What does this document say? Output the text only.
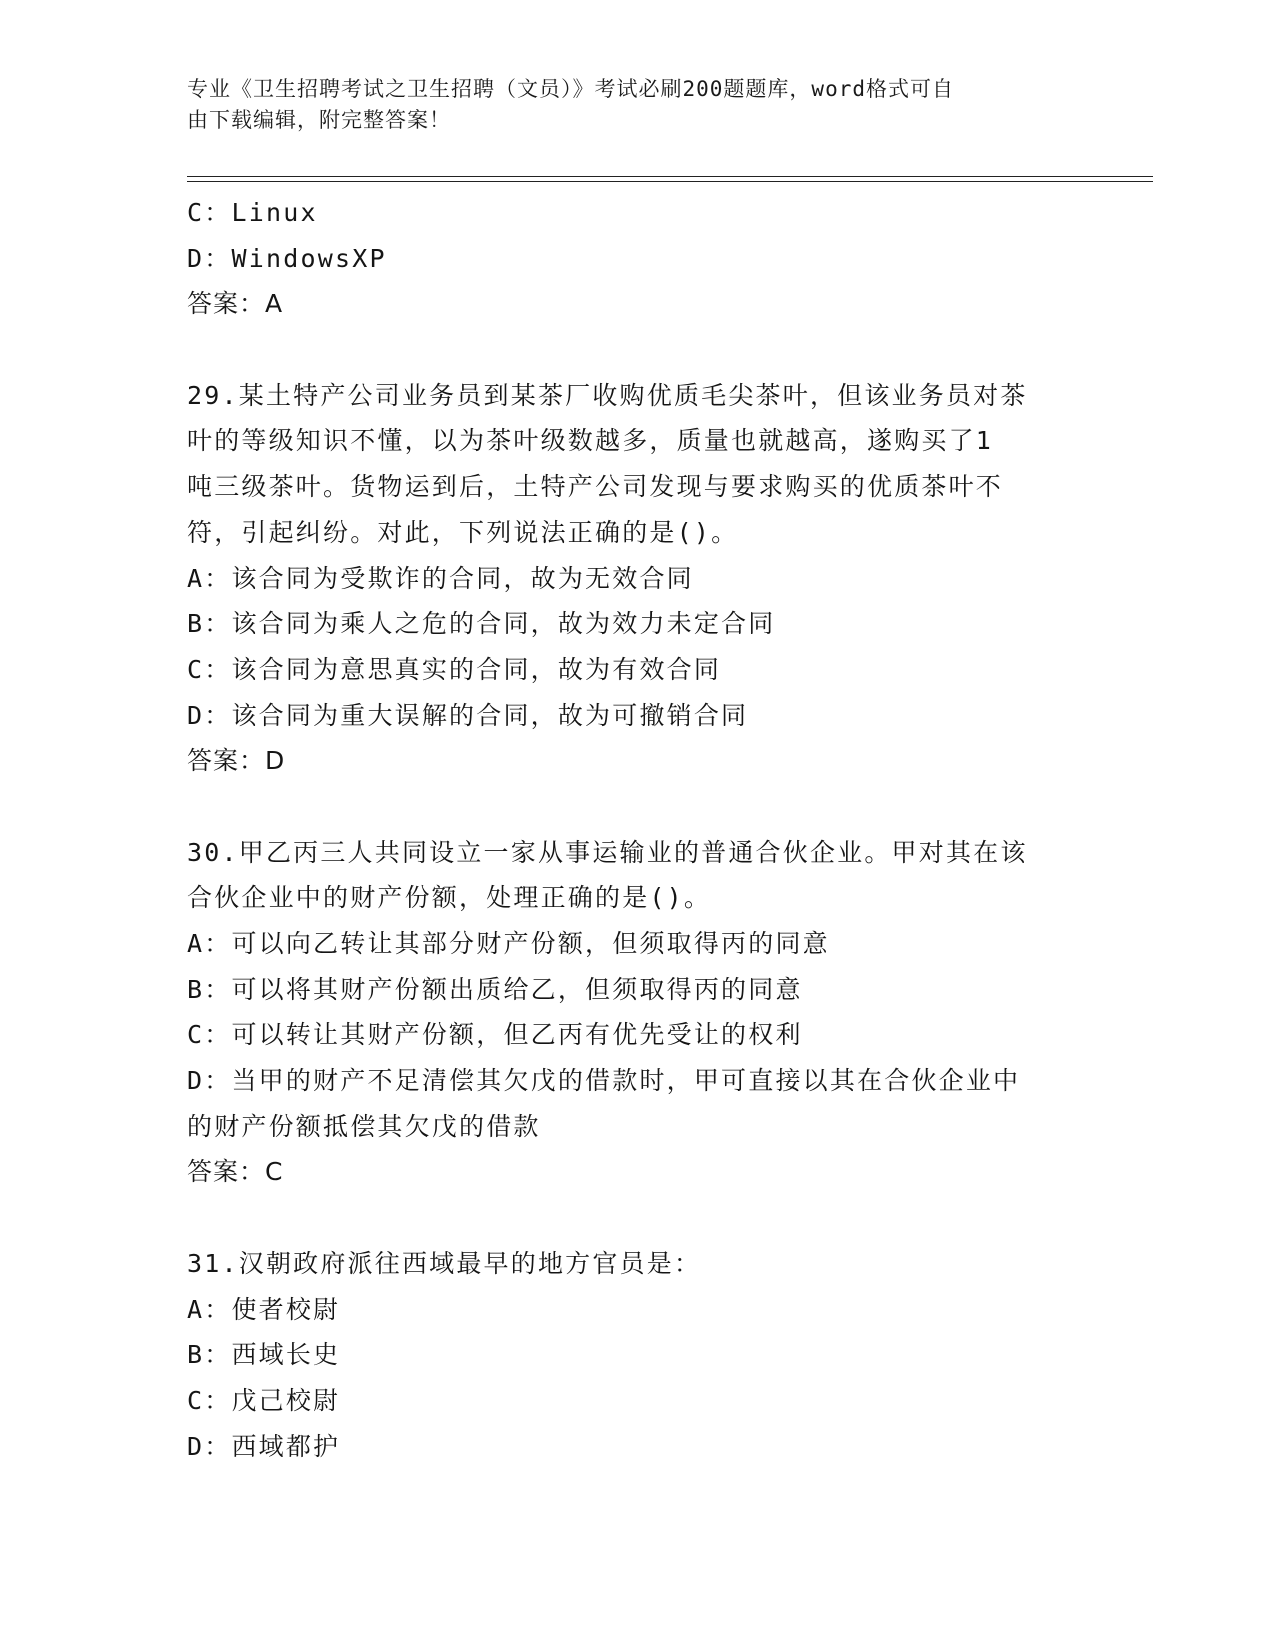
专业《卫生招聘考试之卫生招聘（文员）》考试必刷200题题库，word格式可自
由下载编辑，附完整答案！
C：Linux
D：WindowsXP
答案：A
29.某土特产公司业务员到某茶厂收购优质毛尖茶叶，但该业务员对茶
叶的等级知识不懂，以为茶叶级数越多，质量也就越高，遂购买了1
吨三级茶叶。货物运到后，土特产公司发现与要求购买的优质茶叶不
符，引起纠纷。对此，下列说法正确的是()。
A：该合同为受欺诈的合同，故为无效合同
B：该合同为乘人之危的合同，故为效力未定合同
C：该合同为意思真实的合同，故为有效合同
D：该合同为重大误解的合同，故为可撤销合同
答案：D
30.甲乙丙三人共同设立一家从事运输业的普通合伙企业。甲对其在该
合伙企业中的财产份额，处理正确的是()。
A：可以向乙转让其部分财产份额，但须取得丙的同意
B：可以将其财产份额出质给乙，但须取得丙的同意
C：可以转让其财产份额，但乙丙有优先受让的权利
D：当甲的财产不足清偿其欠戊的借款时，甲可直接以其在合伙企业中
的财产份额抵偿其欠戊的借款
答案：C
31.汉朝政府派往西域最早的地方官员是：
A：使者校尉
B：西域长史
C：戊己校尉
D：西域都护
